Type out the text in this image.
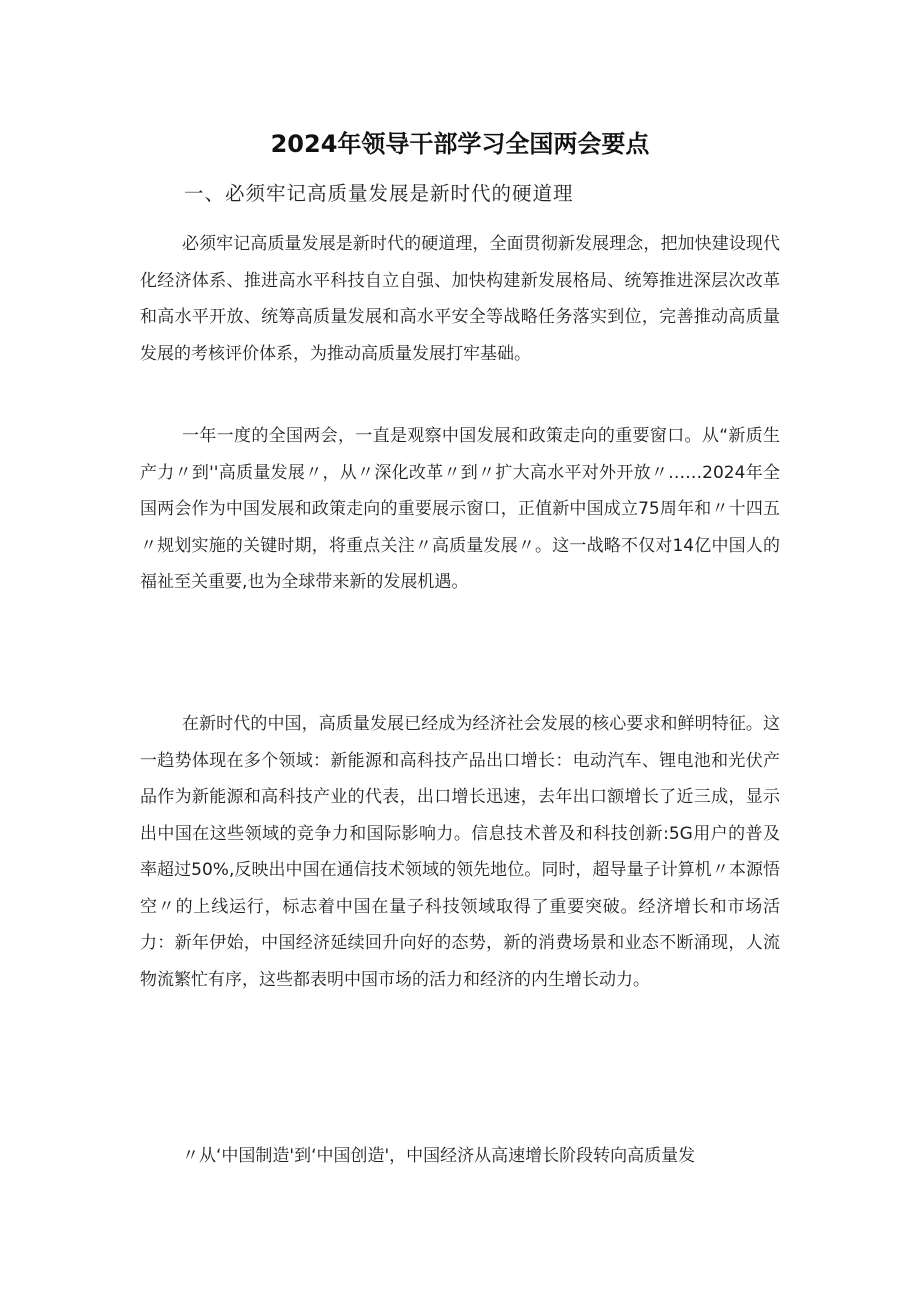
2024年领导干部学习全国两会要点
一、必须牢记高质量发展是新时代的硬道理

必须牢记高质量发展是新时代的硬道理，全面贯彻新发展理念，把加快建设现代化经济体系、推进高水平科技自立自强、加快构建新发展格局、统筹推进深层次改革和高水平开放、统筹高质量发展和高水平安全等战略任务落实到位，完善推动高质量发展的考核评价体系，为推动高质量发展打牢基础。

一年一度的全国两会，一直是观察中国发展和政策走向的重要窗口。从“新质生产力〃到''高质量发展〃，从〃深化改革〃到〃扩大高水平对外开放〃……2024年全国两会作为中国发展和政策走向的重要展示窗口，正值新中国成立75周年和〃十四五〃规划实施的关键时期，将重点关注〃高质量发展〃。这一战略不仅对14亿中国人的福祉至关重要,也为全球带来新的发展机遇。

在新时代的中国，高质量发展已经成为经济社会发展的核心要求和鲜明特征。这一趋势体现在多个领域：新能源和高科技产品出口增长：电动汽车、锂电池和光伏产品作为新能源和高科技产业的代表，出口增长迅速，去年出口额增长了近三成，显示出中国在这些领域的竞争力和国际影响力。信息技术普及和科技创新:5G用户的普及率超过50%,反映出中国在通信技术领域的领先地位。同时，超导量子计算机〃本源悟空〃的上线运行，标志着中国在量子科技领域取得了重要突破。经济增长和市场活力：新年伊始，中国经济延续回升向好的态势，新的消费场景和业态不断涌现，人流物流繁忙有序，这些都表明中国市场的活力和经济的内生增长动力。

〃从‘中国制造'到‘中国创造'，中国经济从高速增长阶段转向高质量发
